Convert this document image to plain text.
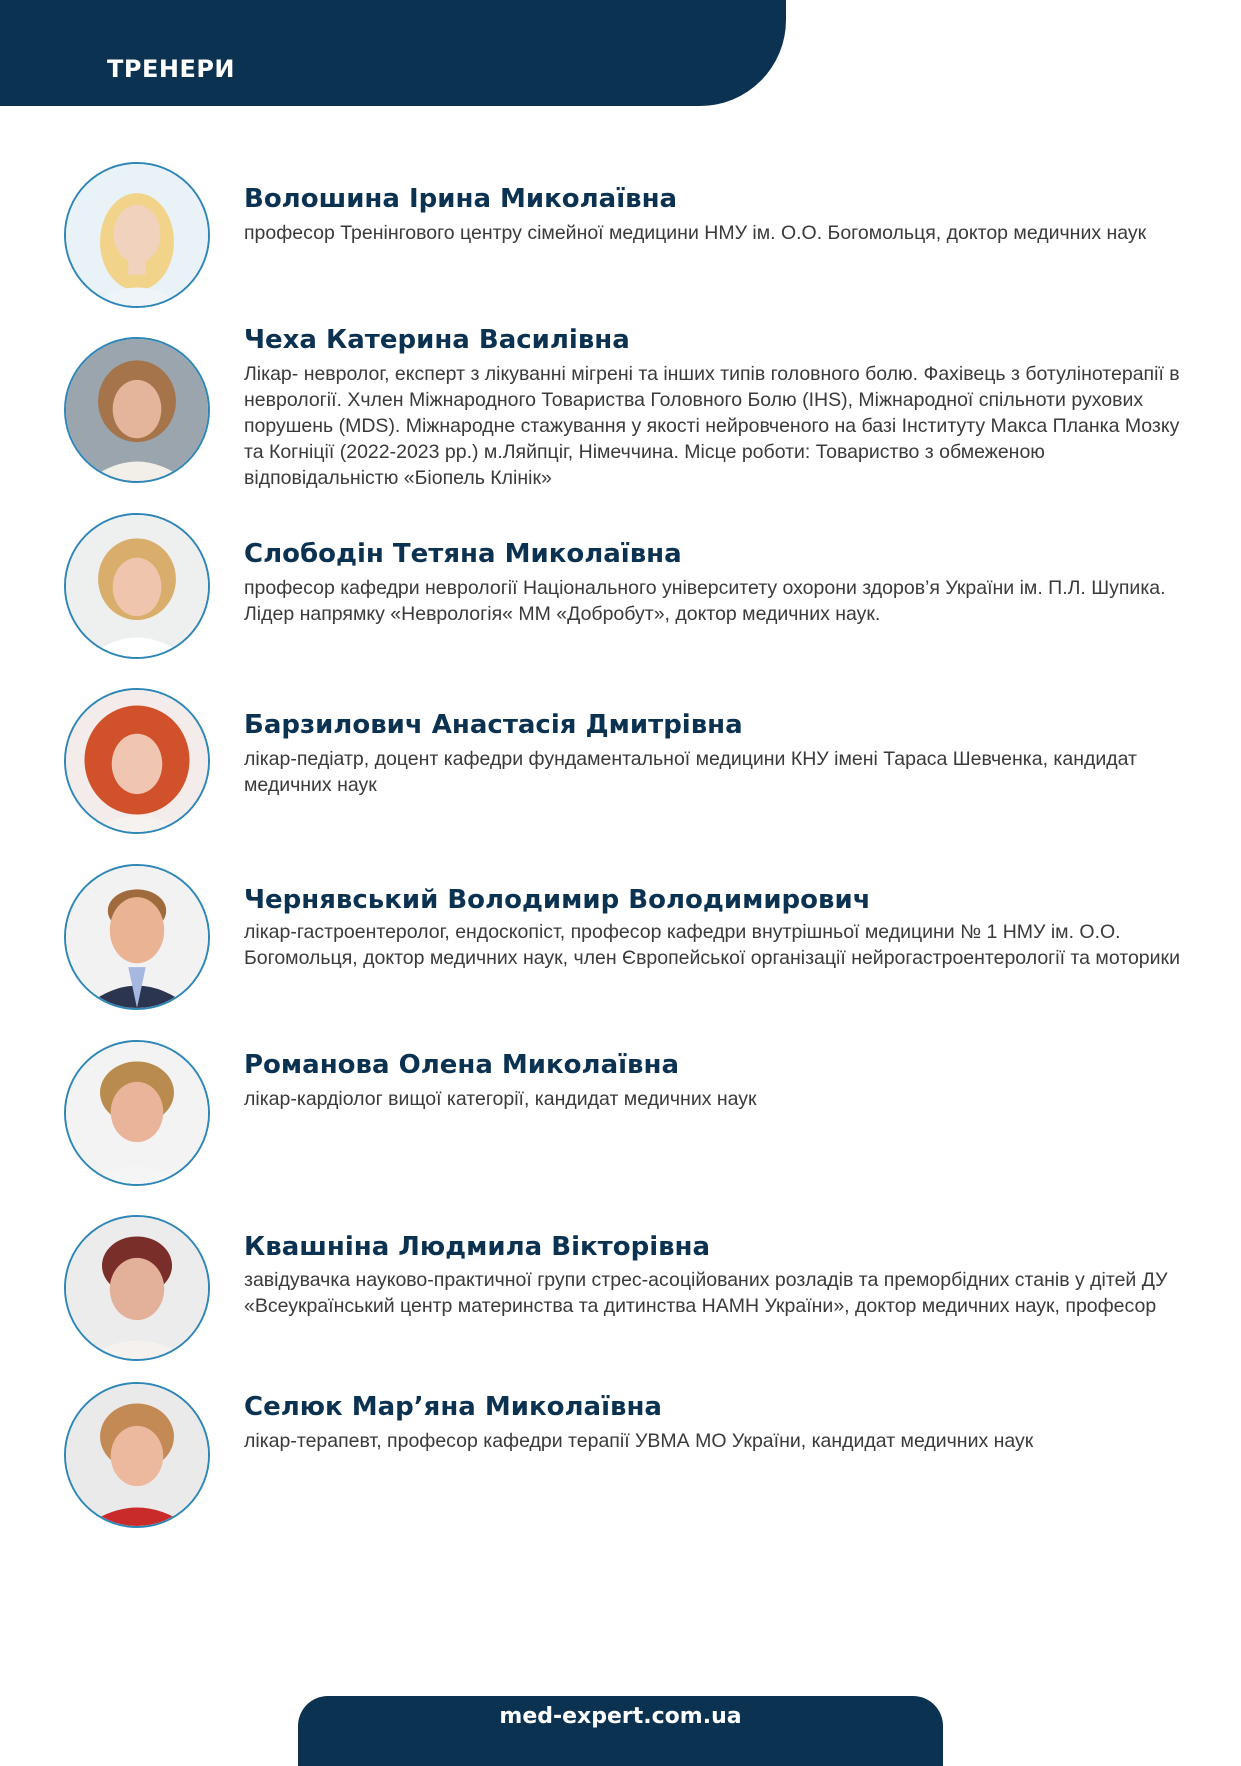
ТРЕНЕРИ
Волошина Ірина Миколаївна
професор Тренінгового центру сімейної медицини НМУ ім. О.О. Богомольця, доктор медичних наук
Чеха Катерина Василівна
Лікар- невролог, експерт з лікуванні мігрені та інших типів головного болю. Фахівець з ботулінотерапії в неврології. Хчлен Міжнародного Товариства Головного Болю (IHS), Міжнародної спільноти рухових порушень (MDS). Міжнародне стажування у якості нейровченого на базі Інституту Макса Планка Мозку та Когніції (2022-2023 рр.) м.Ляйпціг, Німеччина. Місце роботи: Товариство з обмеженою відповідальністю «Біопель Клінік»
Слободін Тетяна Миколаївна
професор кафедри неврології Національного університету охорони здоров’я України ім. П.Л. Шупика. Лідер напрямку «Неврологія« ММ «Добробут», доктор медичних наук.
Барзилович Анастасія Дмитрівна
лікар-педіатр, доцент кафедри фундаментальної медицини КНУ імені Тараса Шевченка, кандидат медичних наук
Чернявський Володимир Володимирович
лікар-гастроентеролог, ендоскопіст, професор кафедри внутрішньої медицини № 1 НМУ ім. О.О. Богомольця, доктор медичних наук, член Європейської організації нейрогастроентерології та моторики
Романова Олена Миколаївна
лікар-кардіолог вищої категорії, кандидат медичних наук
Квашніна Людмила Вікторівна
завідувачка науково-практичної групи стрес-асоційованих розладів та преморбідних станів у дітей ДУ «Всеукраїнський центр материнства та дитинства НАМН України», доктор медичних наук, професор
Селюк Мар’яна Миколаївна
лікар-терапевт, професор кафедри терапії УВМА МО України, кандидат медичних наук
med-expert.com.ua
